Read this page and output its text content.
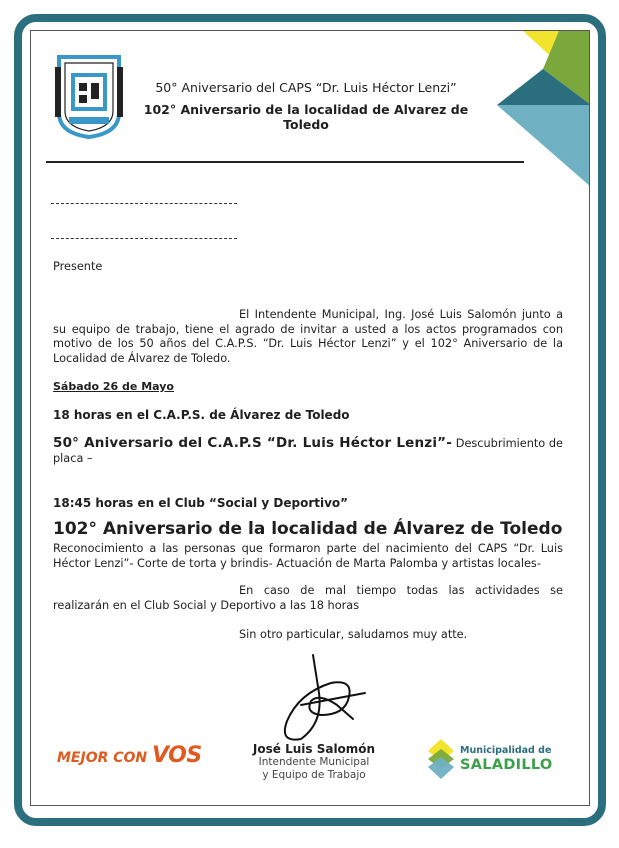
50° Aniversario del CAPS “Dr. Luis Héctor Lenzi”
102° Aniversario de la localidad de Alvarez de Toledo
Presente
El Intendente Municipal, Ing. José Luis Salomón junto a su equipo de trabajo, tiene el agrado de invitar a usted a los actos programados con motivo de los 50 años del C.A.P.S. “Dr. Luis Héctor Lenzi” y el 102° Aniversario de la Localidad de Álvarez de Toledo.
Sábado 26 de Mayo
18 horas en el C.A.P.S. de Álvarez de Toledo
50° Aniversario del C.A.P.S “Dr. Luis Héctor Lenzi”- Descubrimiento de placa –
18:45 horas en el Club “Social y Deportivo”
102° Aniversario de la localidad de Álvarez de Toledo
Reconocimiento a las personas que formaron parte del nacimiento del CAPS “Dr. Luis Héctor Lenzi”- Corte de torta y brindis- Actuación de Marta Palomba y artistas locales-
En caso de mal tiempo todas las actividades se realizarán en el Club Social y Deportivo a las 18 horas
Sin otro particular, saludamos muy atte.
José Luis Salomón
Intendente Municipal
y Equipo de Trabajo
MEJOR CON VOS	Municipalidad de
SALADILLO
